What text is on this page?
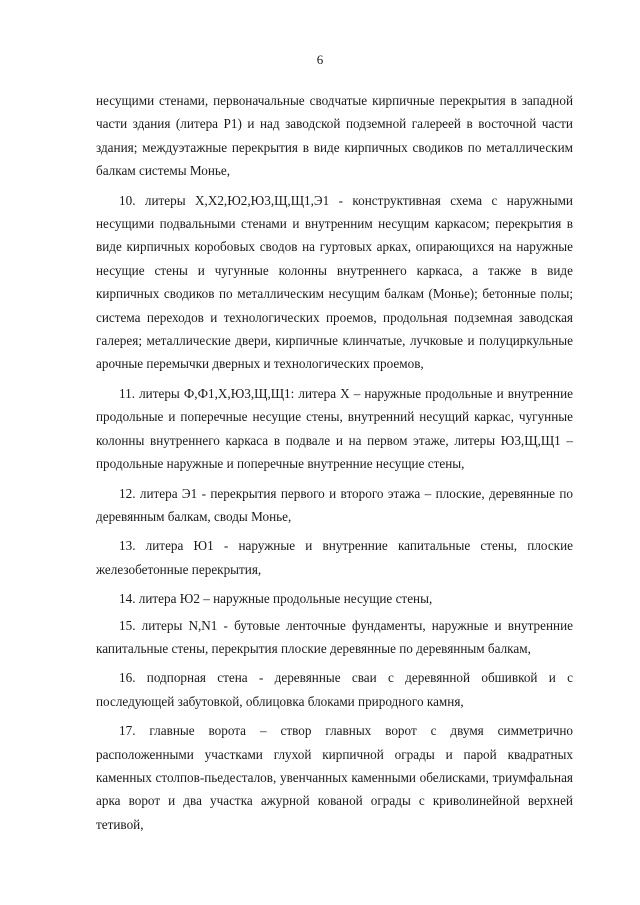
6

несущими стенами, первоначальные сводчатые кирпичные перекрытия в западной части здания (литера Р1) и над заводской подземной галереей в восточной части здания; междуэтажные перекрытия в виде кирпичных сводиков по металлическим балкам системы Монье,

10. литеры Х,Х2,Ю2,Ю3,Щ,Щ1,Э1 - конструктивная схема с наружными несущими подвальными стенами и внутренним несущим каркасом; перекрытия в виде кирпичных коробовых сводов на гуртовых арках, опирающихся на наружные несущие стены и чугунные колонны внутреннего каркаса, а также в виде кирпичных сводиков по металлическим несущим балкам (Монье); бетонные полы; система переходов и технологических проемов, продольная подземная заводская галерея; металлические двери, кирпичные клинчатые, лучковые и полуциркульные арочные перемычки дверных и технологических проемов,

11. литеры Ф,Ф1,Х,Ю3,Щ,Щ1: литера Х – наружные продольные и внутренние продольные и поперечные несущие стены, внутренний несущий каркас, чугунные колонны внутреннего каркаса в подвале и на первом этаже, литеры Ю3,Щ,Щ1 – продольные наружные и поперечные внутренние несущие стены,

12. литера Э1 - перекрытия первого и второго этажа – плоские, деревянные по деревянным балкам, своды Монье,

13. литера Ю1 - наружные и внутренние капитальные стены, плоские железобетонные перекрытия,

14. литера Ю2 – наружные продольные несущие стены,

15. литеры N,N1 - бутовые ленточные фундаменты, наружные и внутренние капитальные стены, перекрытия плоские деревянные по деревянным балкам,

16. подпорная стена - деревянные сваи с деревянной обшивкой и с последующей забутовкой, облицовка блоками природного камня,

17. главные ворота – створ главных ворот с двумя симметрично расположенными участками глухой кирпичной ограды и парой квадратных каменных столпов-пьедесталов, увенчанных каменными обелисками, триумфальная арка ворот и два участка ажурной кованой ограды с криволинейной верхней тетивой,
